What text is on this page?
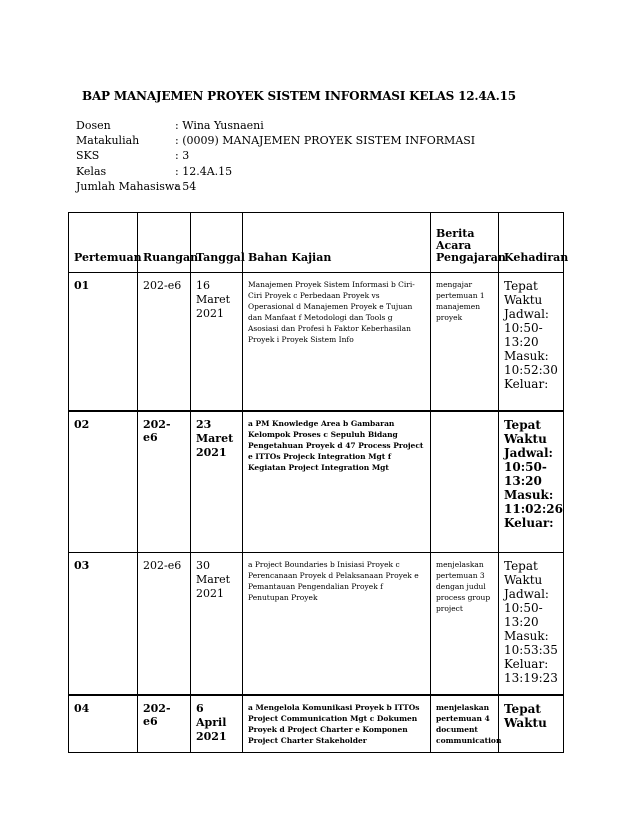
BAP MANAJEMEN PROYEK SISTEM INFORMASI KELAS 12.4A.15
Dosen	: Wina Yusnaeni
Matakuliah	: (0009) MANAJEMEN PROYEK SISTEM INFORMASI
SKS	: 3
Kelas	: 12.4A.15
Jumlah Mahasiswa
: 54
Pertemuan	Ruangan	Tanggal	Bahan Kajian	Berita Acara Pengajaran	Kehadiran
01	202-e6	16 Maret 2021	Manajemen Proyek Sistem Informasi b Ciri-Ciri Proyek c Perbedaan Proyek vs Operasional d Manajemen Proyek e Tujuan dan Manfaat f Metodologi dan Tools g Asosiasi dan Profesi h Faktor Keberhasilan Proyek i Proyek Sistem Info	mengajar pertemuan 1 manajemen proyek	Tepat Waktu Jadwal: 10:50-13:20 Masuk: 10:52:30 Keluar:
02	202-e6	23 Maret 2021	a PM Knowledge Area b Gambaran Kelompok Proses c Sepuluh Bidang Pengetahuan Proyek d 47 Process Project e ITTOs Projeck Integration Mgt f Kegiatan Project Integration Mgt		Tepat Waktu Jadwal: 10:50-13:20 Masuk: 11:02:26 Keluar:
03	202-e6	30 Maret 2021	a Project Boundaries b Inisiasi Proyek c Perencanaan Proyek d Pelaksanaan Proyek e Pemantauan Pengendalian Proyek f Penutupan Proyek	menjelaskan pertemuan 3 dengan judul process group project	Tepat Waktu Jadwal: 10:50-13:20 Masuk: 10:53:35 Keluar: 13:19:23
04	202-e6	6 April 2021	a Mengelola Komunikasi Proyek b ITTOs Project Communication Mgt c Dokumen Proyek d Project Charter e Komponen Project Charter Stakeholder	menjelaskan pertemuan 4 document communication	Tepat Waktu
